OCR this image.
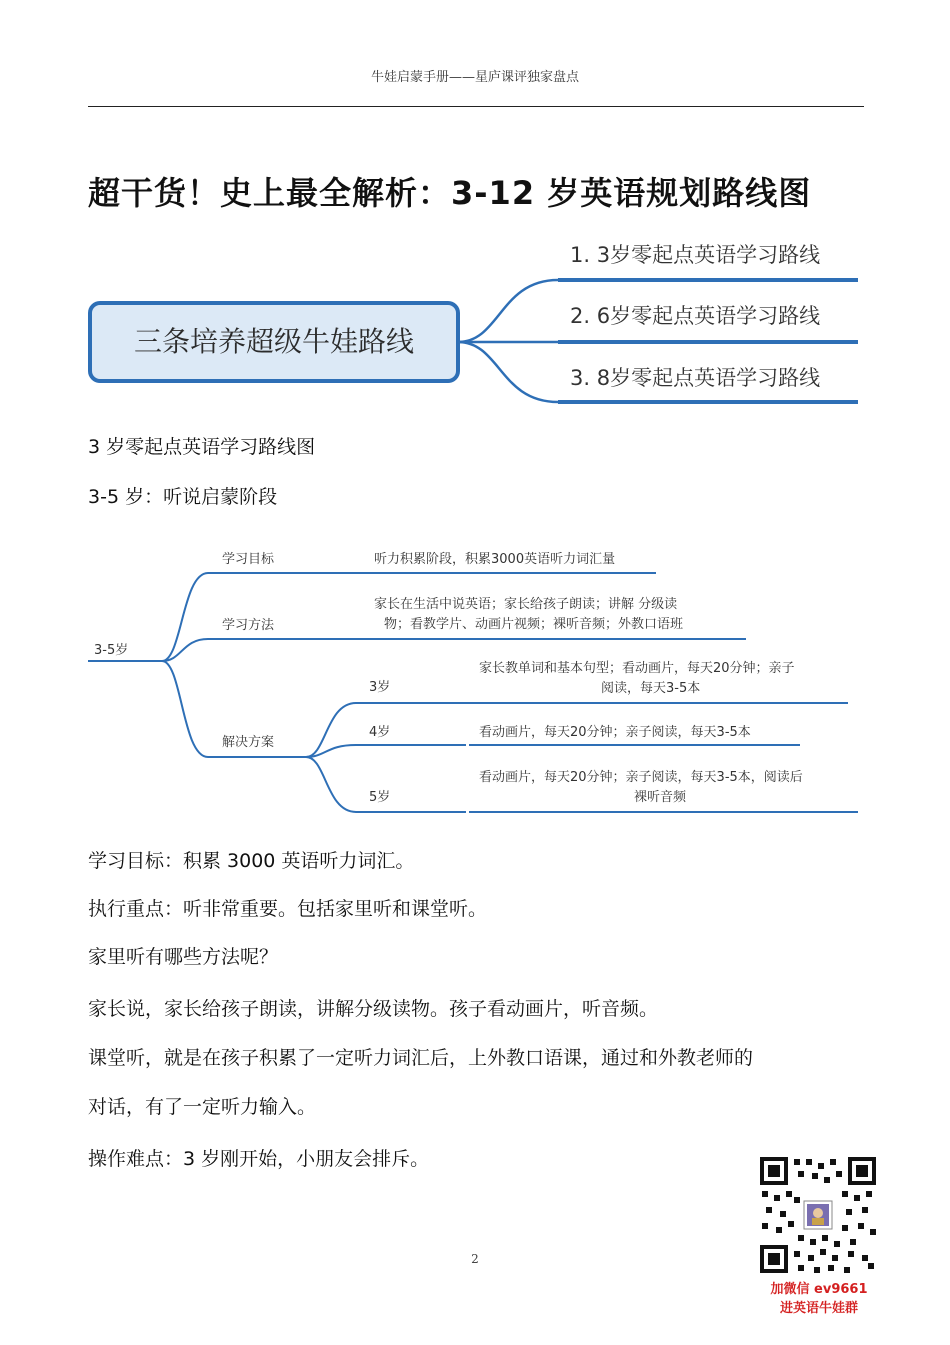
牛娃启蒙手册——星庐课评独家盘点
超干货！史上最全解析：3-12 岁英语规划路线图
三条培养超级牛娃路线
1. 3岁零起点英语学习路线
2. 6岁零起点英语学习路线
3. 8岁零起点英语学习路线
3 岁零起点英语学习路线图
3-5 岁：听说启蒙阶段
3-5岁
学习目标	听力积累阶段，积累3000英语听力词汇量
学习方法
家长在生活中说英语；家长给孩子朗读；讲解 分级读
物；看教学片、动画片视频；裸听音频；外教口语班
解决方案
3岁
家长教单词和基本句型；看动画片，每天20分钟；亲子
阅读，每天3-5本
4岁	看动画片，每天20分钟；亲子阅读，每天3-5本
5岁
看动画片，每天20分钟；亲子阅读，每天3-5本，阅读后
裸听音频
学习目标：积累 3000 英语听力词汇。
执行重点：听非常重要。包括家里听和课堂听。
家里听有哪些方法呢？
家长说，家长给孩子朗读，讲解分级读物。孩子看动画片，听音频。
课堂听，就是在孩子积累了一定听力词汇后，上外教口语课，通过和外教老师的
对话，有了一定听力输入。
操作难点：3 岁刚开始，小朋友会排斥。
2
加微信 ev9661
进英语牛娃群
